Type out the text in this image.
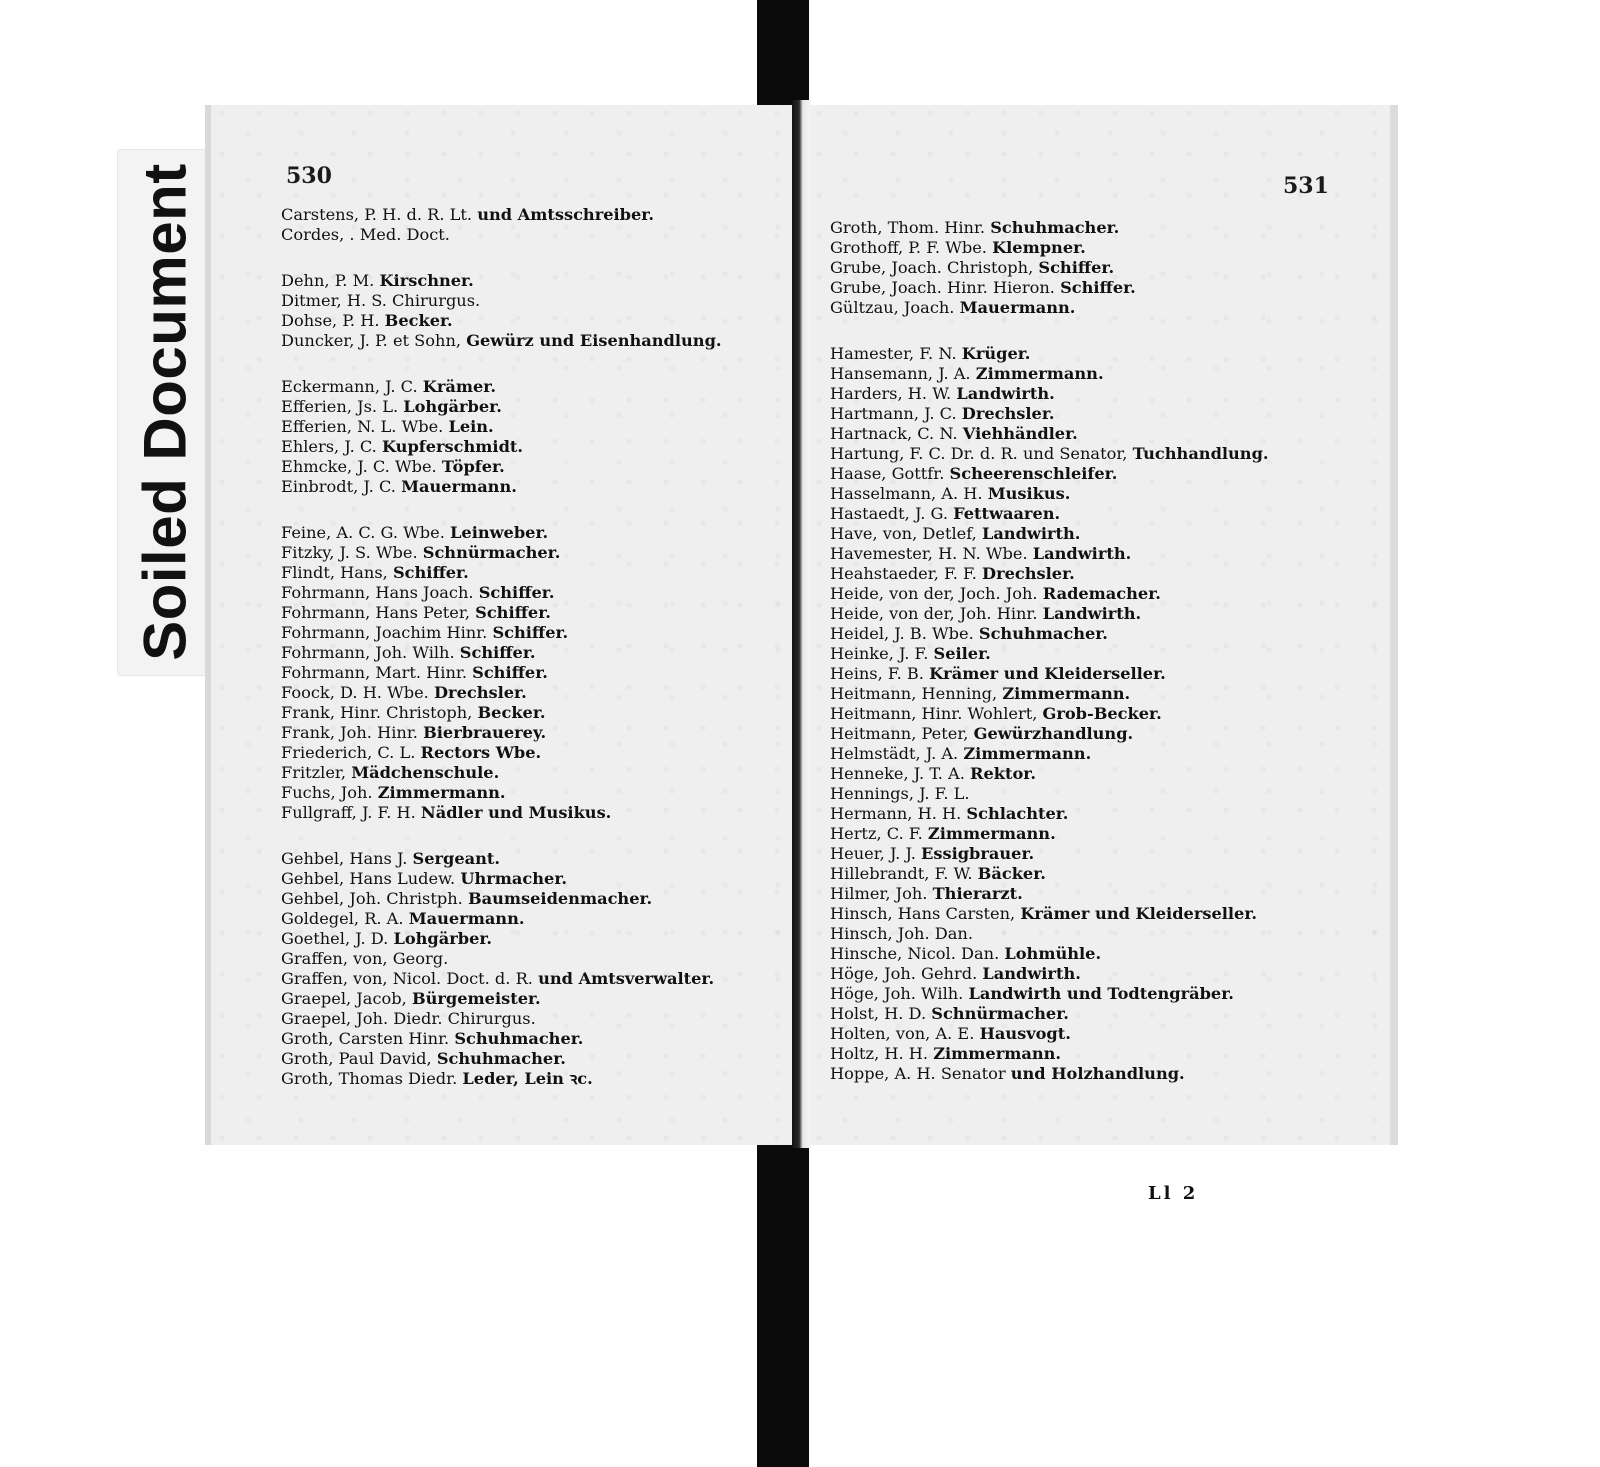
Soiled Document	530
Carstens, P. H. d. R. Lt. und Amtsschreiber.
Cordes, . Med. Doct.
Dehn, P. M. Kirschner.
Ditmer, H. S. Chirurgus.
Dohse, P. H. Becker.
Duncker, J. P. et Sohn, Gewürz und Eisenhandlung.
Eckermann, J. C. Krämer.
Efferien, Js. L. Lohgärber.
Efferien, N. L. Wbe. Lein.
Ehlers, J. C. Kupferschmidt.
Ehmcke, J. C. Wbe. Töpfer.
Einbrodt, J. C. Mauermann.
Feine, A. C. G. Wbe. Leinweber.
Fitzky, J. S. Wbe. Schnürmacher.
Flindt, Hans, Schiffer.
Fohrmann, Hans Joach. Schiffer.
Fohrmann, Hans Peter, Schiffer.
Fohrmann, Joachim Hinr. Schiffer.
Fohrmann, Joh. Wilh. Schiffer.
Fohrmann, Mart. Hinr. Schiffer.
Foock, D. H. Wbe. Drechsler.
Frank, Hinr. Christoph, Becker.
Frank, Joh. Hinr. Bierbrauerey.
Friederich, C. L. Rectors Wbe.
Fritzler, Mädchenschule.
Fuchs, Joh. Zimmermann.
Fullgraff, J. F. H. Nädler und Musikus.
Gehbel, Hans J. Sergeant.
Gehbel, Hans Ludew. Uhrmacher.
Gehbel, Joh. Christph. Baumseidenmacher.
Goldegel, R. A. Mauermann.
Goethel, J. D. Lohgärber.
Graffen, von, Georg.
Graffen, von, Nicol. Doct. d. R. und Amtsverwalter.
Graepel, Jacob, Bürgemeister.
Graepel, Joh. Diedr. Chirurgus.
Groth, Carsten Hinr. Schuhmacher.
Groth, Paul David, Schuhmacher.
Groth, Thomas Diedr. Leder, Lein ꝛc.
531
Groth, Thom. Hinr. Schuhmacher.
Grothoff, P. F. Wbe. Klempner.
Grube, Joach. Christoph, Schiffer.
Grube, Joach. Hinr. Hieron. Schiffer.
Gültzau, Joach. Mauermann.
Hamester, F. N. Krüger.
Hansemann, J. A. Zimmermann.
Harders, H. W. Landwirth.
Hartmann, J. C. Drechsler.
Hartnack, C. N. Viehhändler.
Hartung, F. C. Dr. d. R. und Senator, Tuchhandlung.
Haase, Gottfr. Scheerenschleifer.
Hasselmann, A. H. Musikus.
Hastaedt, J. G. Fettwaaren.
Have, von, Detlef, Landwirth.
Havemester, H. N. Wbe. Landwirth.
Heahstaeder, F. F. Drechsler.
Heide, von der, Joch. Joh. Rademacher.
Heide, von der, Joh. Hinr. Landwirth.
Heidel, J. B. Wbe. Schuhmacher.
Heinke, J. F. Seiler.
Heins, F. B. Krämer und Kleiderseller.
Heitmann, Henning, Zimmermann.
Heitmann, Hinr. Wohlert, Grob-Becker.
Heitmann, Peter, Gewürzhandlung.
Helmstädt, J. A. Zimmermann.
Henneke, J. T. A. Rektor.
Hennings, J. F. L.
Hermann, H. H. Schlachter.
Hertz, C. F. Zimmermann.
Heuer, J. J. Essigbrauer.
Hillebrandt, F. W. Bäcker.
Hilmer, Joh. Thierarzt.
Hinsch, Hans Carsten, Krämer und Kleiderseller.
Hinsch, Joh. Dan.
Hinsche, Nicol. Dan. Lohmühle.
Höge, Joh. Gehrd. Landwirth.
Höge, Joh. Wilh. Landwirth und Todtengräber.
Holst, H. D. Schnürmacher.
Holten, von, A. E. Hausvogt.
Holtz, H. H. Zimmermann.
Hoppe, A. H. Senator und Holzhandlung.
Ll 2
